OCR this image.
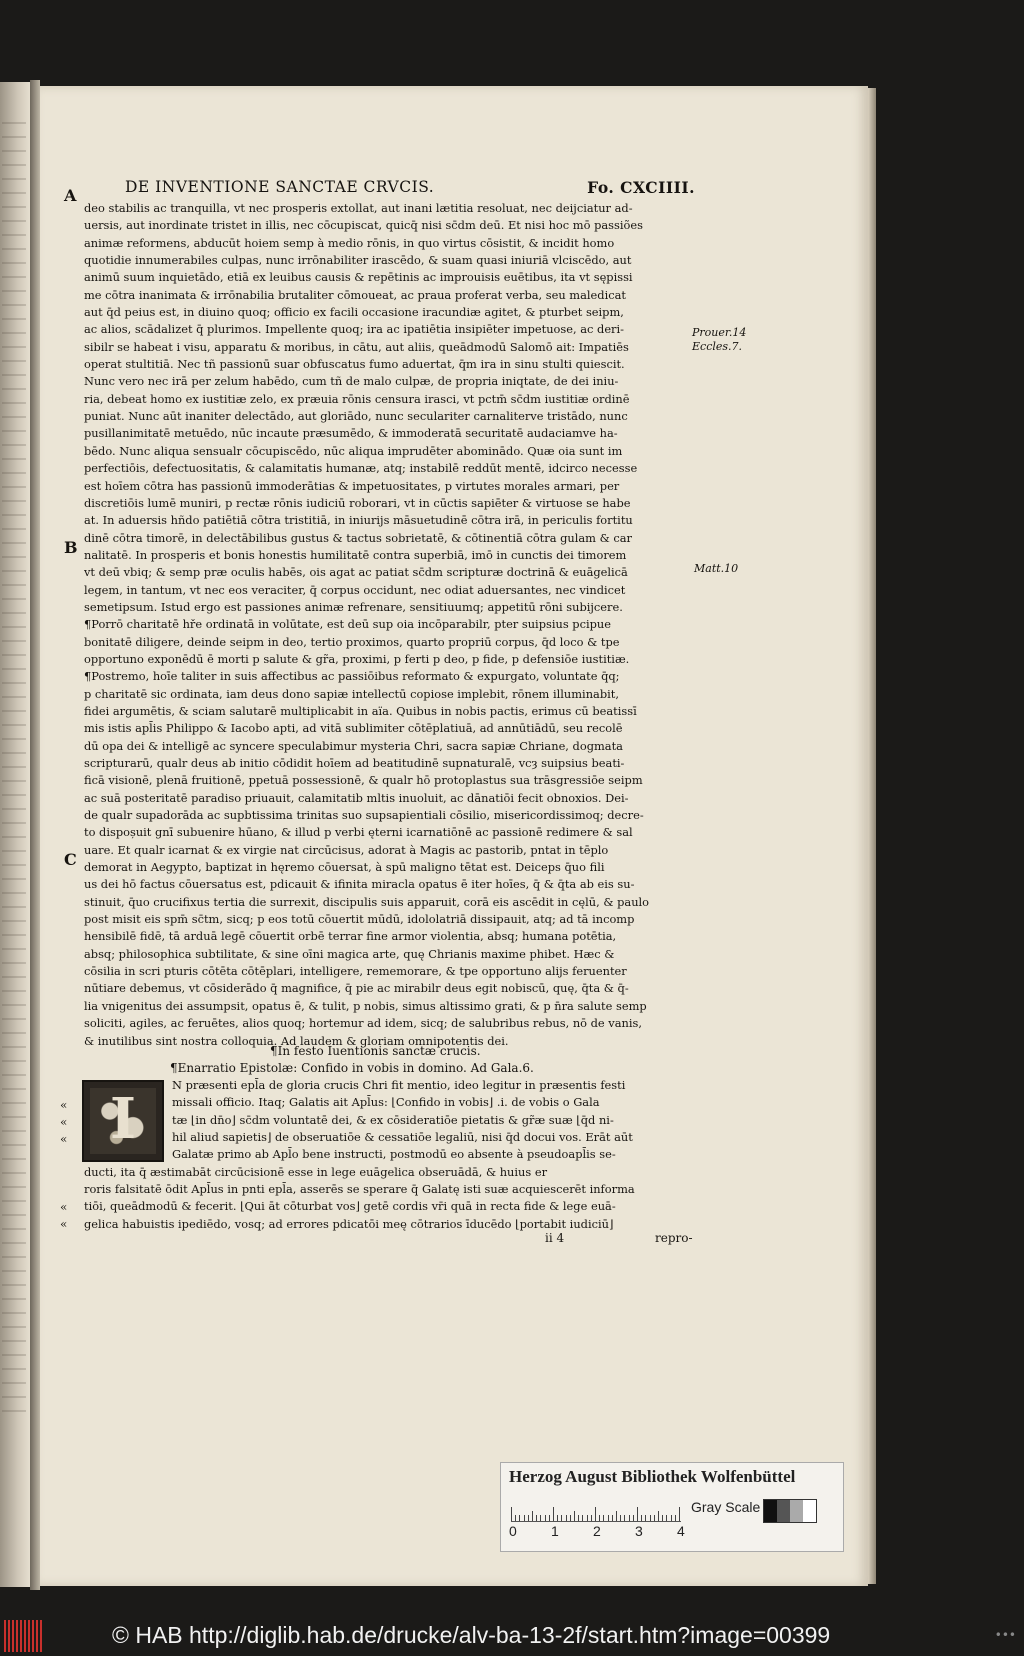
DE INVENTIONE SANCTAE CRVCIS.	Fo. CXCIIII.
A
B
C
Prouer.14
Eccles.7.
Matt.10
deo stabilis ac tranquilla, vt nec prosperis extollat, aut inani lætitia resoluat, nec deijciatur ad-
uersis, aut inordinate tristet in illis, nec cōcupiscat, quicq̄ nisi sc̄dm deū. Et nisi hoc mō passiões
animæ reformens, abducūt hoiem semp à medio rōnis, in quo virtus cōsistit, & incidit homo
quotidie innumerabiles culpas, nunc irrōnabiliter irascēdo, & suam quasi iniuriā vlciscēdo, aut
animū suum inquietādo, etiā ex leuibus causis & repētinis ac improuisis euētibus, ita vt sępissi
me cōtra inanimata & irrōnabilia brutaliter cōmoueat, ac praua proferat verba, seu maledicat
aut q̄d peius est, in diuino quoq; officio ex facili occasione iracundiæ agitet, & pturbet seipm,
ac alios, scādalizet q̄ plurimos. Impellente quoq; ira ac ipatiētia insipiēter impetuose, ac deri-
sibilr se habeat i visu, apparatu & moribus, in cātu, aut aliis, queādmodū Salomō ait: Impatiēs
operat stultitiā. Nec tñ passionū suar obfuscatus fumo aduertat, q̄m ira in sinu stulti quiescit.
Nunc vero nec irā per zelum habēdo, cum tñ de malo culpæ, de propria iniqtate, de dei iniu-
ria, debeat homo ex iustitiæ zelo, ex præuia rōnis censura irasci, vt pctm̄ sc̄dm iustitiæ ordinē
puniat. Nunc aūt inaniter delectādo, aut gloriādo, nunc seculariter carnaliterve tristādo, nunc
pusillanimitatē metuēdo, nūc incaute præsumēdo, & immoderatā securitatē audaciamve ha-
bēdo. Nunc aliqua sensualr cōcupiscēdo, nūc aliqua imprudēter abominādo. Quæ oia sunt im
perfectiōis, defectuositatis, & calamitatis humanæ, atq; instabilē reddūt mentē, idcirco necesse
est hoīem cōtra has passionū immoderātias & impetuositates, p virtutes morales armari, per
discretiōis lumē muniri, p rectæ rōnis iudiciū roborari, vt in cūctis sapiēter & virtuose se habe
at. In aduersis hñdo patiētiā cōtra tristitiā, in iniurijs māsuetudinē cōtra irā, in periculis fortitu
dinē cōtra timorē, in delectābilibus gustus & tactus sobrietatē, & cōtinentiā cōtra gulam & car
nalitatē. In prosperis et bonis honestis humilitatē contra superbiā, imō in cunctis dei timorem
vt deū vbiq; & semp præ oculis habēs, ois agat ac patiat sc̄dm scripturæ doctrinā & euāgelicā
legem, in tantum, vt nec eos veraciter, q̄ corpus occidunt, nec odiat aduersantes, nec vindicet
semetipsum. Istud ergo est passiones animæ refrenare, sensitiuumq; appetitū rōni subijcere.
¶Porrō charitatē hře ordinatā in volūtate, est deū sup oia incōparabilr, pter suipsius pcipue
bonitatē diligere, deinde seipm in deo, tertio proximos, quarto propriū corpus, q̄d loco & tpe
opportuno exponēdū ē morti p salute & gr̃a, proximi, p ferti p deo, p fide, p defensiōe iustitiæ.
¶Postremo, hoīe taliter in suis affectibus ac passiōibus reformato & expurgato, voluntate q̄q;
p charitatē sic ordinata, iam deus dono sapiæ intellectū copiose implebit, rōnem illuminabit,
fidei argumētis, & sciam salutarē multiplicabit in aïa. Quibus in nobis pactis, erimus cū beatissī
mis istis apl̄is Philippo & Iacobo apti, ad vitā sublimiter cōtēplatiuā, ad annūtiādū, seu recolē
dū opa dei & intelligē ac syncere speculabimur mysteria Chri, sacra sapiæ Chriane, dogmata
scripturarū, qualr deus ab initio cōdidit hoīem ad beatitudinē supnaturalē, vcȝ suipsius beati-
ficā visionē, plenā fruitionē, ppetuā possessionē, & qualr hō protoplastus sua trāsgressiōe seipm
ac suā posteritatē paradiso priuauit, calamitatib mltis inuoluit, ac dānatiōi fecit obnoxios. Dei-
de qualr supadorāda ac supbtissima trinitas suo supsapientiali cōsilio, misericordissimoq; decre-
to dispoșuit gnī subuenire hūano, & illud p verbi ęterni icarnatiōnē ac passionē redimere & sal
uare. Et qualr icarnat & ex virgie nat circūcisus, adorat à Magis ac pastorib, pntat in tēplo
demorat in Aegypto, baptizat in hęremo cōuersat, à spū maligno tētat est. Deiceps q̄uo fili
us dei hō factus cōuersatus est, pdicauit & ifinita miracla opatus ē iter hoīes, q̄ & q̄ta ab eis su-
stinuit, q̄uo crucifixus tertia die surrexit, discipulis suis apparuit, corā eis ascēdit in cęlū, & paulo
post misit eis spm̄ sc̄tm, sicq; p eos totū cōuertit mūdū, idololatriā dissipauit, atq; ad tā incomp
hensibilē fidē, tā arduā legē cōuertit orbē terrar fine armor violentia, absq; humana potētia,
absq; philosophica subtilitate, & sine oīni magica arte, quę Chrianis maxime phibet. Hæc &
cōsilia in scri pturis cōtēta cōtēplari, intelligere, rememorare, & tpe opportuno alijs feruenter
nūtiare debemus, vt cōsiderādo q̄ magnifice, q̄ pie ac mirabilr deus egit nobiscū, quę, q̄ta & q̄-
lia vnigenitus dei assumpsit, opatus ē, & tulit, p nobis, simus altissimo grati, & p n̄ra salute semp
soliciti, agiles, ac feruētes, alios quoq; hortemur ad idem, sicq; de salubribus rebus, nō de vanis,
& inutilibus sint nostra colloquia. Ad laudem & gloriam omnipotentis dei.
¶In festo Iuentionis sanctæ crucis.
¶Enarratio Epistolæ: Confido in vobis in domino. Ad Gala.6.
I
«
«
«
«
«
N præsenti epl̄a de gloria crucis Chri fit mentio, ideo legitur in præsentis festi
missali officio. Itaq; Galatis ait Apl̄us: ⌊Confido in vobis⌋ .i. de vobis o Gala
tæ ⌊in dn̄o⌋ sc̄dm voluntatē dei, & ex cōsideratiōe pietatis & gr̃æ suæ ⌊q̄d ni-
hil aliud sapietis⌋ de obseruatiōe & cessatiōe legaliū, nisi q̄d docui vos. Erāt aūt
Galatæ primo ab Apl̄o bene instructi, postmodū eo absente à pseudoapl̄is se-
ducti, ita q̄ æstimabāt circūcisionē esse in lege euāgelica obseruādā, & huius er
roris falsitatē ōdit Apl̄us in pnti epl̄a, asserēs se sperare q̄ Galatę isti suæ acquiescerēt informa
tiōi, queādmodū & fecerit. ⌊Qui āt cōturbat vos⌋ getē cordis vr̄i quā in recta fide & lege euā-
gelica habuistis ipediēdo, vosq; ad errores pdicatōi meę cōtrarios īducēdo ⌊portabit iudiciū⌋
ii 4	repro-
Herzog August Bibliothek Wolfenbüttel
0 1 2 3 4
Gray Scale
© HAB http://diglib.hab.de/drucke/alv-ba-13-2f/start.htm?image=00399	•••
